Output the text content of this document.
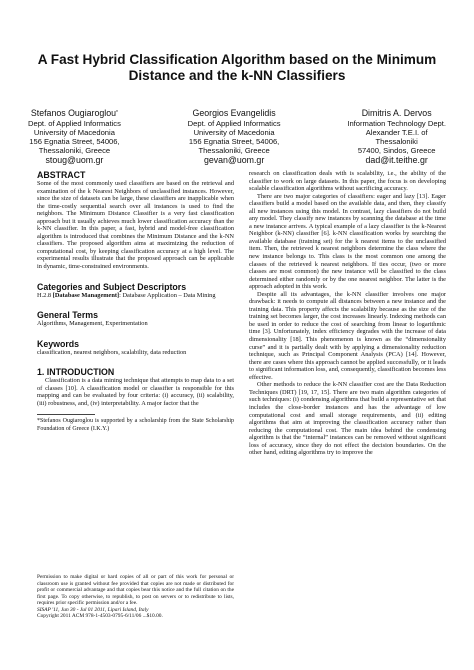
A Fast Hybrid Classification Algorithm based on the Minimum Distance and the k-NN Classifiers
Stefanos Ougiaroglou*
Dept. of Applied Informatics
University of Macedonia
156 Egnatia Street, 54006,
Thessaloniki, Greece
stoug@uom.gr
Georgios Evangelidis
Dept. of Applied Informatics
University of Macedonia
156 Egnatia Street, 54006,
Thessaloniki, Greece
gevan@uom.gr
Dimitris A. Dervos
Information Technology Dept.
Alexander T.E.I. of
Thessaloniki
57400, Sindos, Greece
dad@it.teithe.gr
ABSTRACT

Some of the most commonly used classifiers are based on the retrieval and examination of the k Nearest Neighbors of unclassified instances. However, since the size of datasets can be large, these classifiers are inapplicable when the time-costly sequential search over all instances is used to find the neighbors. The Minimum Distance Classifier is a very fast classification approach but it usually achieves much lower classification accuracy than the k-NN classifier. In this paper, a fast, hybrid and model-free classification algorithm is introduced that combines the Minimum Distance and the k-NN classifiers. The proposed algorithm aims at maximizing the reduction of computational cost, by keeping classification accuracy at a high level. The experimental results illustrate that the proposed approach can be applicable in dynamic, time-constrained environments.

Categories and Subject Descriptors

H.2.8 [Database Management]: Database Application – Data Mining

General Terms

Algorithms, Management, Experimentation

Keywords

classification, nearest neighbors, scalability, data reduction

1. INTRODUCTION

Classification is a data mining technique that attempts to map data to a set of classes [10]. A classification model or classifier is responsible for this mapping and can be evaluated by four criteria: (i) accuracy, (ii) scalability, (iii) robustness, and, (iv) interpretability. A major factor that the

*Stefanos Ougiaroglou is supported by a scholarship from the State Scholarship Foundation of Greece (I.K.Y.)

Permission to make digital or hard copies of all or part of this work for personal or classroom use is granted without fee provided that copies are not made or distributed for profit or commercial advantage and that copies bear this notice and the full citation on the first page. To copy otherwise, to republish, to post on servers or to redistribute to lists, requires prior specific permission and/or a fee.

SISAP '11, Jun 30 - Jul 01 2011, Lipari Island, Italy

Copyright 2011 ACM 978-1-4503-0795-6/11/06 ...$10.00.

research on classification deals with is scalability, i.e., the ability of the classifier to work on large datasets. In this paper, the focus is on developing scalable classification algorithms without sacrificing accuracy.

There are two major categories of classifiers: eager and lazy [13]. Eager classifiers build a model based on the available data, and then, they classify all new instances using this model. In contrast, lazy classifiers do not build any model. They classify new instances by scanning the database at the time a new instance arrives. A typical example of a lazy classifier is the k-Nearest Neighbor (k-NN) classifier [6]. k-NN classification works by searching the available database (training set) for the k nearest items to the unclassified item. Then, the retrieved k nearest neighbors determine the class where the new instance belongs to. This class is the most common one among the classes of the retrieved k nearest neighbors. If ties occur, (two or more classes are most common) the new instance will be classified to the class determined either randomly or by the one nearest neighbor. The latter is the approach adopted in this work.

Despite all its advantages, the k-NN classifier involves one major drawback: it needs to compute all distances between a new instance and the training data. This property affects the scalability because as the size of the training set becomes larger, the cost increases linearly. Indexing methods can be used in order to reduce the cost of searching from linear to logarithmic time [3]. Unfortunately, index efficiency degrades with the increase of data dimensionality [18]. This phenomenon is known as the “dimensionality curse” and it is partially dealt with by applying a dimensionality reduction technique, such as Principal Component Analysis (PCA) [14]. However, there are cases where this approach cannot be applied successfully, or it leads to significant information loss, and, consequently, classification becomes less effective.

Other methods to reduce the k-NN classifier cost are the Data Reduction Techniques (DRT) [19, 17, 15]. There are two main algorithm categories of such techniques: (i) condensing algorithms that build a representative set that includes the close-border instances and has the advantage of low computational cost and small storage requirements, and (ii) editing algorithms that aim at improving the classification accuracy rather than reducing the computational cost. The main idea behind the condensing algorithm is that the “internal” instances can be removed without significant loss of accuracy, since they do not effect the decision boundaries. On the other hand, editing algorithms try to improve the
